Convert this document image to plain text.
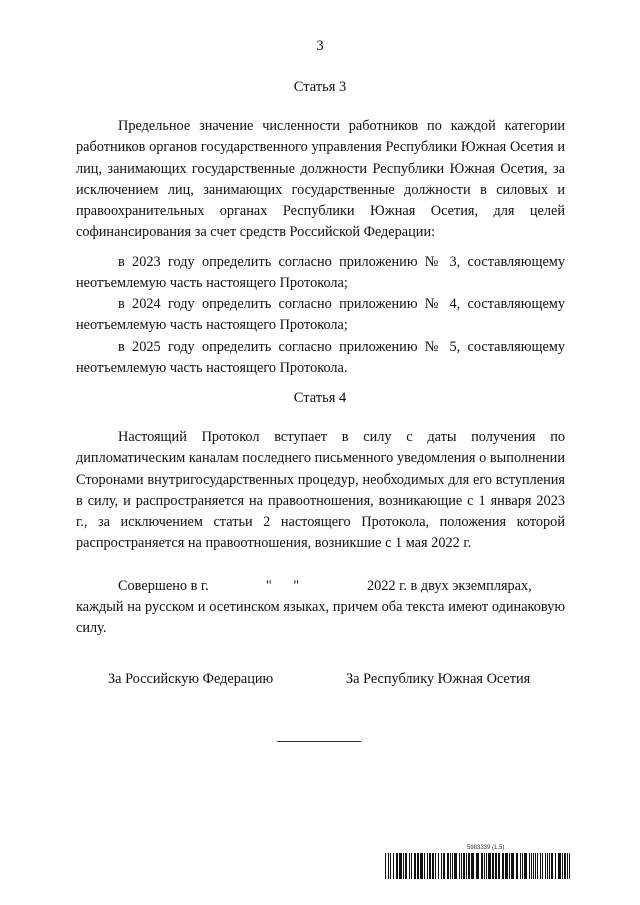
3
Статья 3

Предельное значение численности работников по каждой категории работников органов государственного управления Республики Южная Осетия и лиц, занимающих государственные должности Республики Южная Осетия, за исключением лиц, занимающих государственные должности в силовых и правоохранительных органах Республики Южная Осетия, для целей софинансирования за счет средств Российской Федерации:

в 2023 году определить согласно приложению № 3, составляющему неотъемлемую часть настоящего Протокола;

в 2024 году определить согласно приложению № 4, составляющему неотъемлемую часть настоящего Протокола;

в 2025 году определить согласно приложению № 5, составляющему неотъемлемую часть настоящего Протокола.

Статья 4

Настоящий Протокол вступает в силу с даты получения по дипломатическим каналам последнего письменного уведомления о выполнении Сторонами внутригосударственных процедур, необходимых для его вступления в силу, и распространяется на правоотношения, возникающие с 1 января 2023 г., за исключением статьи 2 настоящего Протокола, положения которой распространяется на правоотношения, возникшие с 1 мая 2022 г.

Совершено в г.                "      "                   2022 г. в двух экземплярах,

каждый на русском и осетинском языках, причем оба текста имеют одинаковую силу.

За Российскую Федерацию	За Республику Южная Осетия
5983339 (1.5)
